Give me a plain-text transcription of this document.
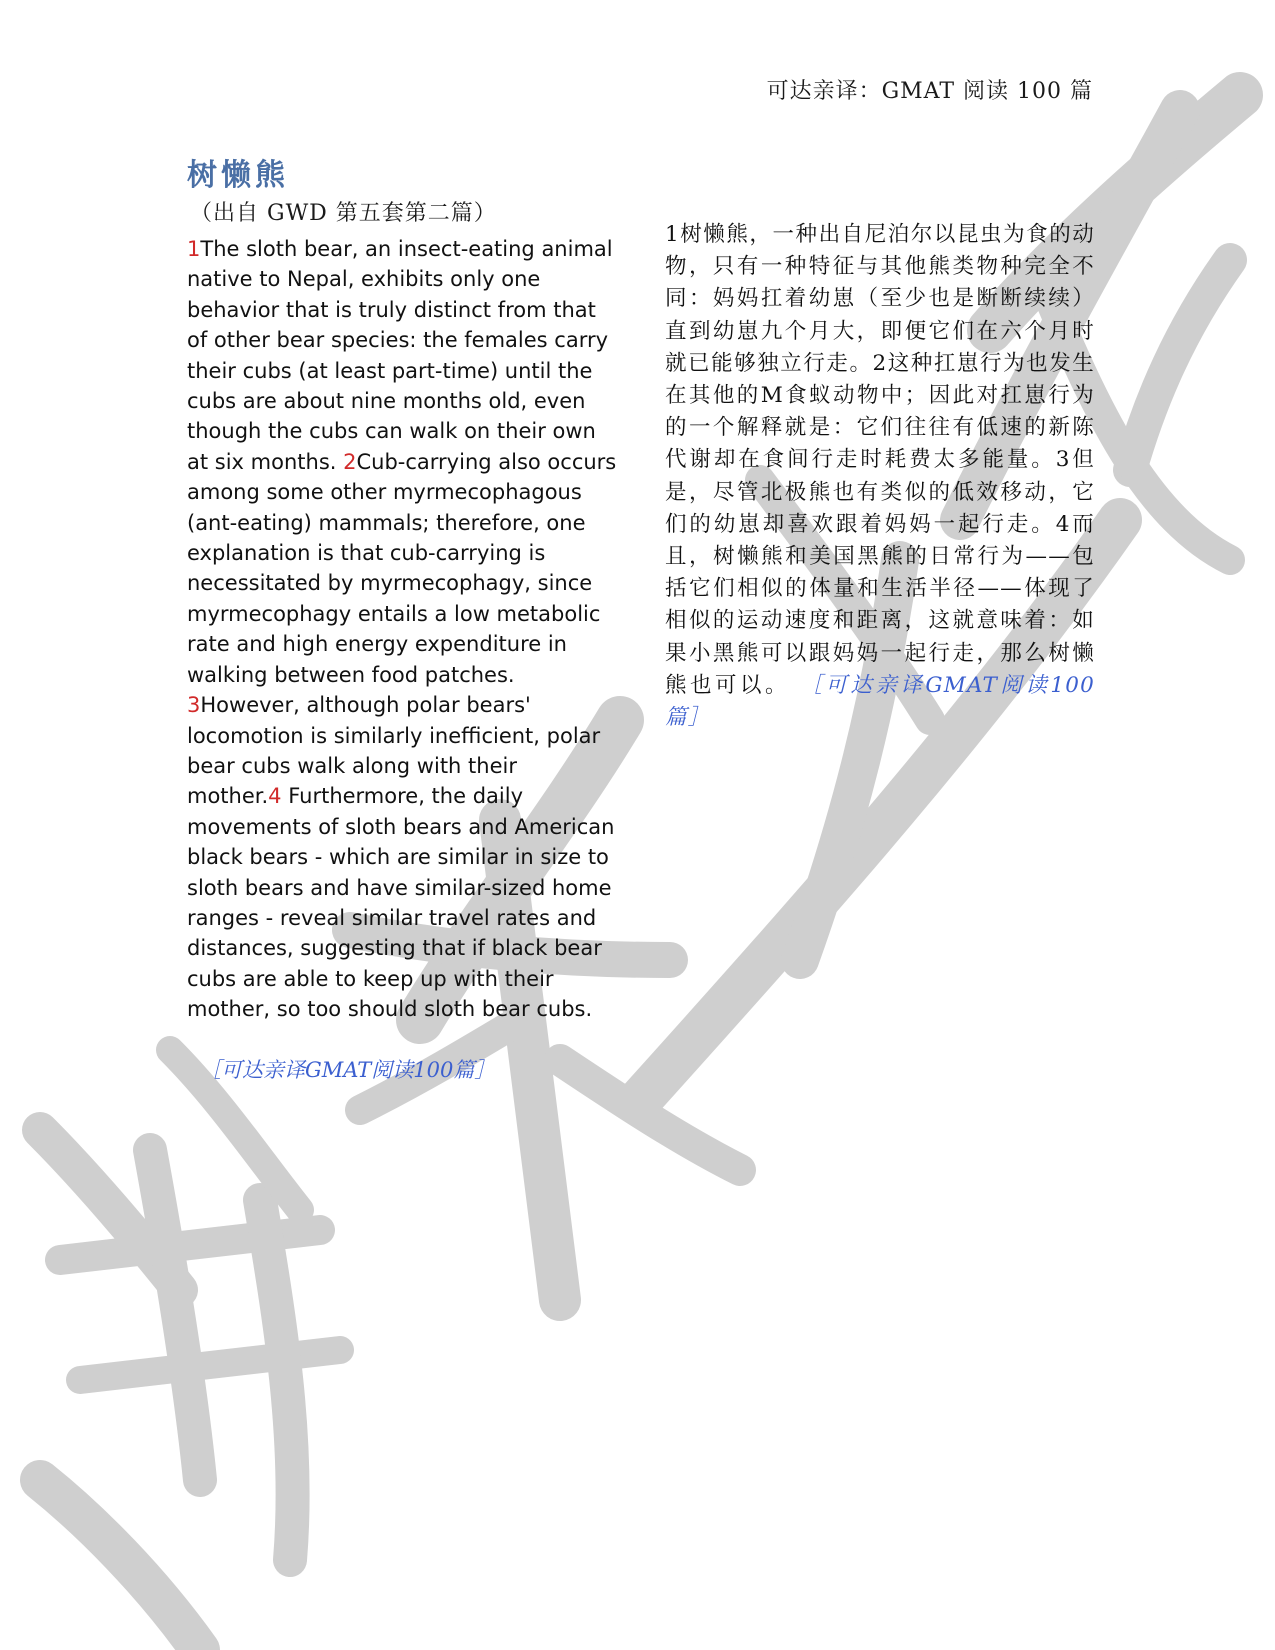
可达亲译：GMAT 阅读 100 篇
树懒熊
（出自 GWD 第五套第二篇）
1The sloth bear, an insect-eating animal native to Nepal, exhibits only one behavior that is truly distinct from that of other bear species: the females carry their cubs (at least part-time) until the cubs are about nine months old, even though the cubs can walk on their own at six months. 2Cub-carrying also occurs among some other myrmecophagous (ant-eating) mammals; therefore, one explanation is that cub-carrying is necessitated by myrmecophagy, since myrmecophagy entails a low metabolic rate and high energy expenditure in walking between food patches. 3However, although polar bears' locomotion is similarly inefficient, polar bear cubs walk along with their mother.4 Furthermore, the daily movements of sloth bears and American black bears - which are similar in size to sloth bears and have similar-sized home ranges - reveal similar travel rates and distances, suggesting that if black bear cubs are able to keep up with their mother, so too should sloth bear cubs.
［可达亲译GMAT阅读100篇］
1树懒熊，一种出自尼泊尔以昆虫为食的动物，只有一种特征与其他熊类物种完全不同：妈妈扛着幼崽（至少也是断断续续）直到幼崽九个月大，即便它们在六个月时就已能够独立行走。2这种扛崽行为也发生在其他的M食蚁动物中；因此对扛崽行为的一个解释就是：它们往往有低速的新陈代谢却在食间行走时耗费太多能量。3但是，尽管北极熊也有类似的低效移动，它们的幼崽却喜欢跟着妈妈一起行走。4而且，树懒熊和美国黑熊的日常行为——包括它们相似的体量和生活半径——体现了相似的运动速度和距离，这就意味着：如果小黑熊可以跟妈妈一起行走，那么树懒熊也可以。 ［可达亲译GMAT阅读100篇］
